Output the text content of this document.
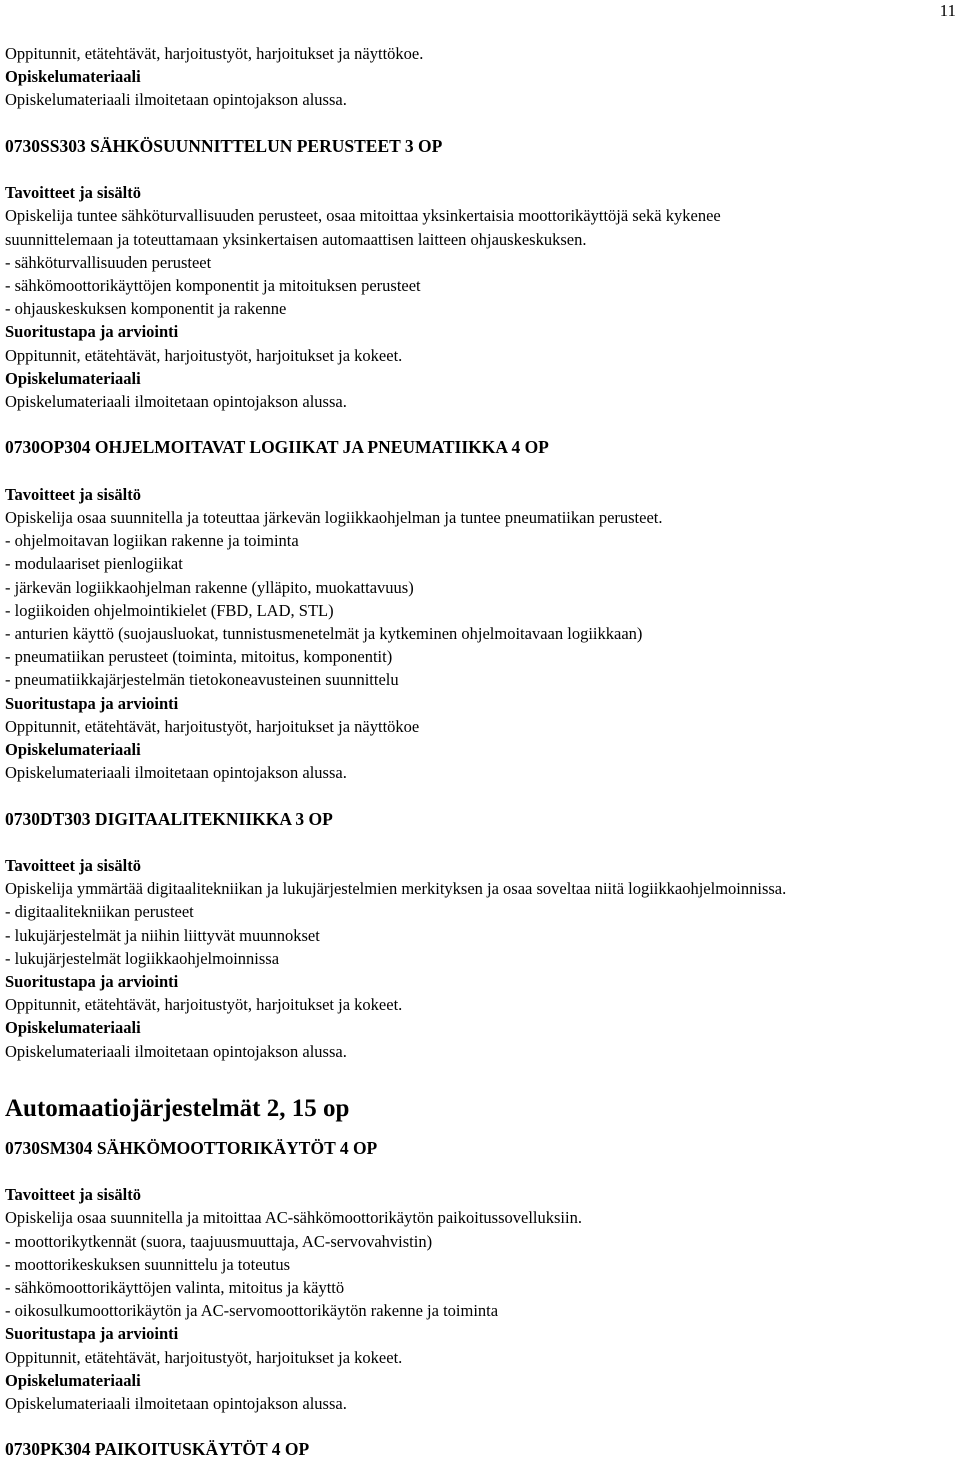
11
Oppitunnit, etätehtävät, harjoitustyöt, harjoitukset ja näyttökoe.
Opiskelumateriaali
Opiskelumateriaali ilmoitetaan opintojakson alussa.
0730SS303 SÄHKÖSUUNNITTELUN PERUSTEET 3 OP
Tavoitteet ja sisältö
Opiskelija tuntee sähköturvallisuuden perusteet, osaa mitoittaa yksinkertaisia moottorikäyttöjä sekä kykenee
suunnittelemaan ja toteuttamaan yksinkertaisen automaattisen laitteen ohjauskeskuksen.
- sähköturvallisuuden perusteet
- sähkömoottorikäyttöjen komponentit ja mitoituksen perusteet
- ohjauskeskuksen komponentit ja rakenne
Suoritustapa ja arviointi
Oppitunnit, etätehtävät, harjoitustyöt, harjoitukset ja kokeet.
Opiskelumateriaali
Opiskelumateriaali ilmoitetaan opintojakson alussa.
0730OP304 OHJELMOITAVAT LOGIIKAT JA PNEUMATIIKKA 4 OP
Tavoitteet ja sisältö
Opiskelija osaa suunnitella ja toteuttaa järkevän logiikkaohjelman ja tuntee pneumatiikan perusteet.
- ohjelmoitavan logiikan rakenne ja toiminta
- modulaariset pienlogiikat
- järkevän logiikkaohjelman rakenne (ylläpito, muokattavuus)
- logiikoiden ohjelmointikielet (FBD, LAD, STL)
- anturien käyttö (suojausluokat, tunnistusmenetelmät ja kytkeminen ohjelmoitavaan logiikkaan)
- pneumatiikan perusteet (toiminta, mitoitus, komponentit)
- pneumatiikkajärjestelmän tietokoneavusteinen suunnittelu
Suoritustapa ja arviointi
Oppitunnit, etätehtävät, harjoitustyöt, harjoitukset ja näyttökoe
Opiskelumateriaali
Opiskelumateriaali ilmoitetaan opintojakson alussa.
0730DT303 DIGITAALITEKNIIKKA 3 OP
Tavoitteet ja sisältö
Opiskelija ymmärtää digitaalitekniikan ja lukujärjestelmien merkityksen ja osaa soveltaa niitä logiikkaohjelmoinnissa.
- digitaalitekniikan perusteet
- lukujärjestelmät ja niihin liittyvät muunnokset
- lukujärjestelmät logiikkaohjelmoinnissa
Suoritustapa ja arviointi
Oppitunnit, etätehtävät, harjoitustyöt, harjoitukset ja kokeet.
Opiskelumateriaali
Opiskelumateriaali ilmoitetaan opintojakson alussa.
Automaatiojärjestelmät 2, 15 op
0730SM304 SÄHKÖMOOTTORIKÄYTÖT 4 OP
Tavoitteet ja sisältö
Opiskelija osaa suunnitella ja mitoittaa AC-sähkömoottorikäytön paikoitussovelluksiin.
- moottorikytkennät (suora, taajuusmuuttaja, AC-servovahvistin)
- moottorikeskuksen suunnittelu ja toteutus
- sähkömoottorikäyttöjen valinta, mitoitus ja käyttö
- oikosulkumoottorikäytön ja AC-servomoottorikäytön rakenne ja toiminta
Suoritustapa ja arviointi
Oppitunnit, etätehtävät, harjoitustyöt, harjoitukset ja kokeet.
Opiskelumateriaali
Opiskelumateriaali ilmoitetaan opintojakson alussa.
0730PK304 PAIKOITUSKÄYTÖT 4 OP
